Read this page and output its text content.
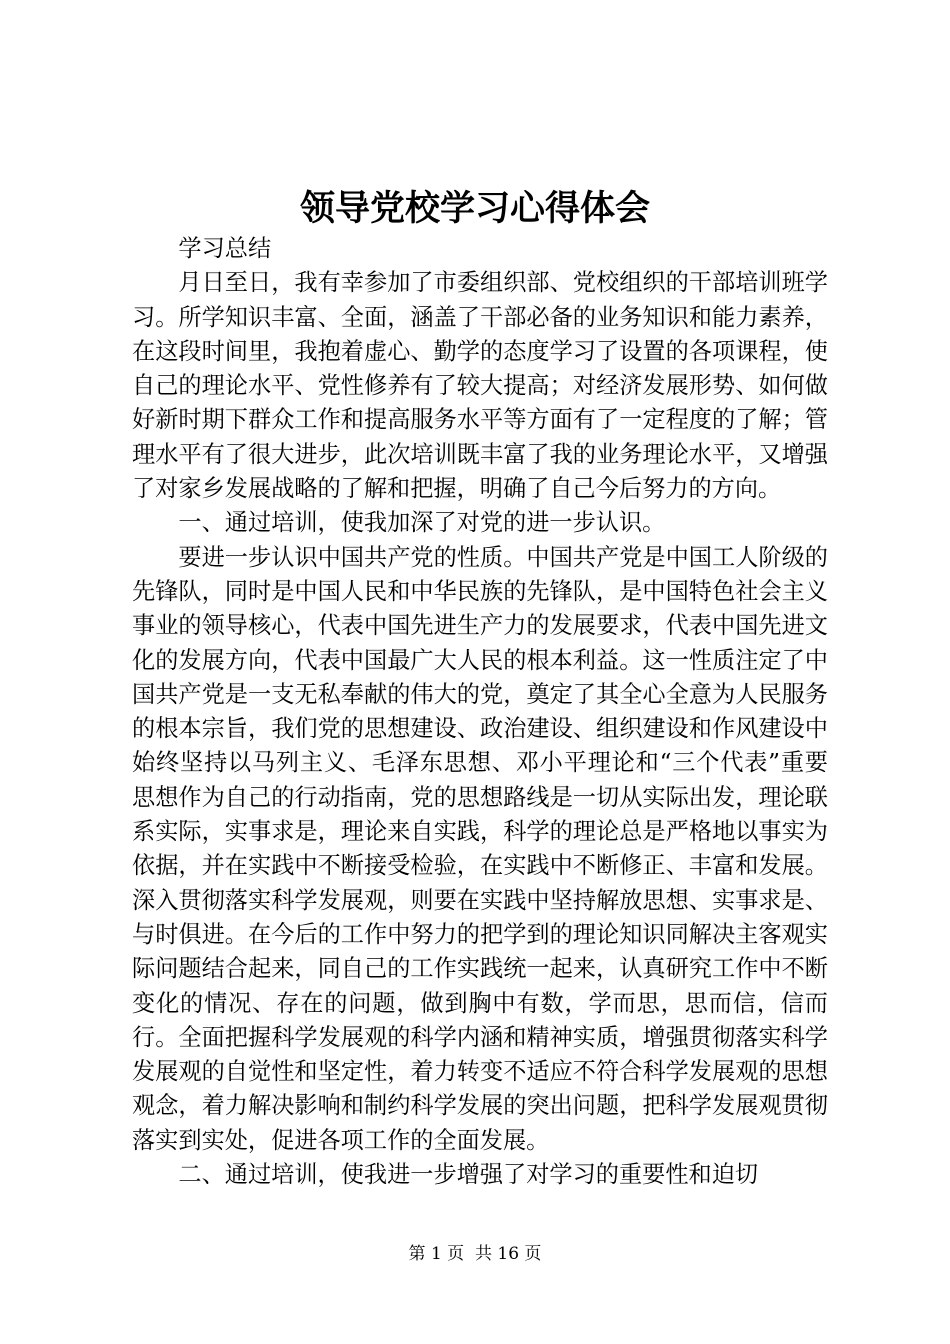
领导党校学习心得体会

学习总结

月日至日，我有幸参加了市委组织部、党校组织的干部培训班学习。所学知识丰富、全面，涵盖了干部必备的业务知识和能力素养，在这段时间里，我抱着虚心、勤学的态度学习了设置的各项课程，使自己的理论水平、党性修养有了较大提高；对经济发展形势、如何做好新时期下群众工作和提高服务水平等方面有了一定程度的了解；管理水平有了很大进步，此次培训既丰富了我的业务理论水平，又增强了对家乡发展战略的了解和把握，明确了自己今后努力的方向。

一、通过培训，使我加深了对党的进一步认识。

要进一步认识中国共产党的性质。中国共产党是中国工人阶级的先锋队，同时是中国人民和中华民族的先锋队，是中国特色社会主义事业的领导核心，代表中国先进生产力的发展要求，代表中国先进文化的发展方向，代表中国最广大人民的根本利益。这一性质注定了中国共产党是一支无私奉献的伟大的党，奠定了其全心全意为人民服务的根本宗旨，我们党的思想建设、政治建设、组织建设和作风建设中始终坚持以马列主义、毛泽东思想、邓小平理论和“三个代表”重要思想作为自己的行动指南，党的思想路线是一切从实际出发，理论联系实际，实事求是，理论来自实践，科学的理论总是严格地以事实为依据，并在实践中不断接受检验，在实践中不断修正、丰富和发展。深入贯彻落实科学发展观，则要在实践中坚持解放思想、实事求是、与时俱进。在今后的工作中努力的把学到的理论知识同解决主客观实际问题结合起来，同自己的工作实践统一起来，认真研究工作中不断变化的情况、存在的问题，做到胸中有数，学而思，思而信，信而行。全面把握科学发展观的科学内涵和精神实质，增强贯彻落实科学发展观的自觉性和坚定性，着力转变不适应不符合科学发展观的思想观念，着力解决影响和制约科学发展的突出问题，把科学发展观贯彻落实到实处，促进各项工作的全面发展。

二、通过培训，使我进一步增强了对学习的重要性和迫切

第 1 页 共 16 页
